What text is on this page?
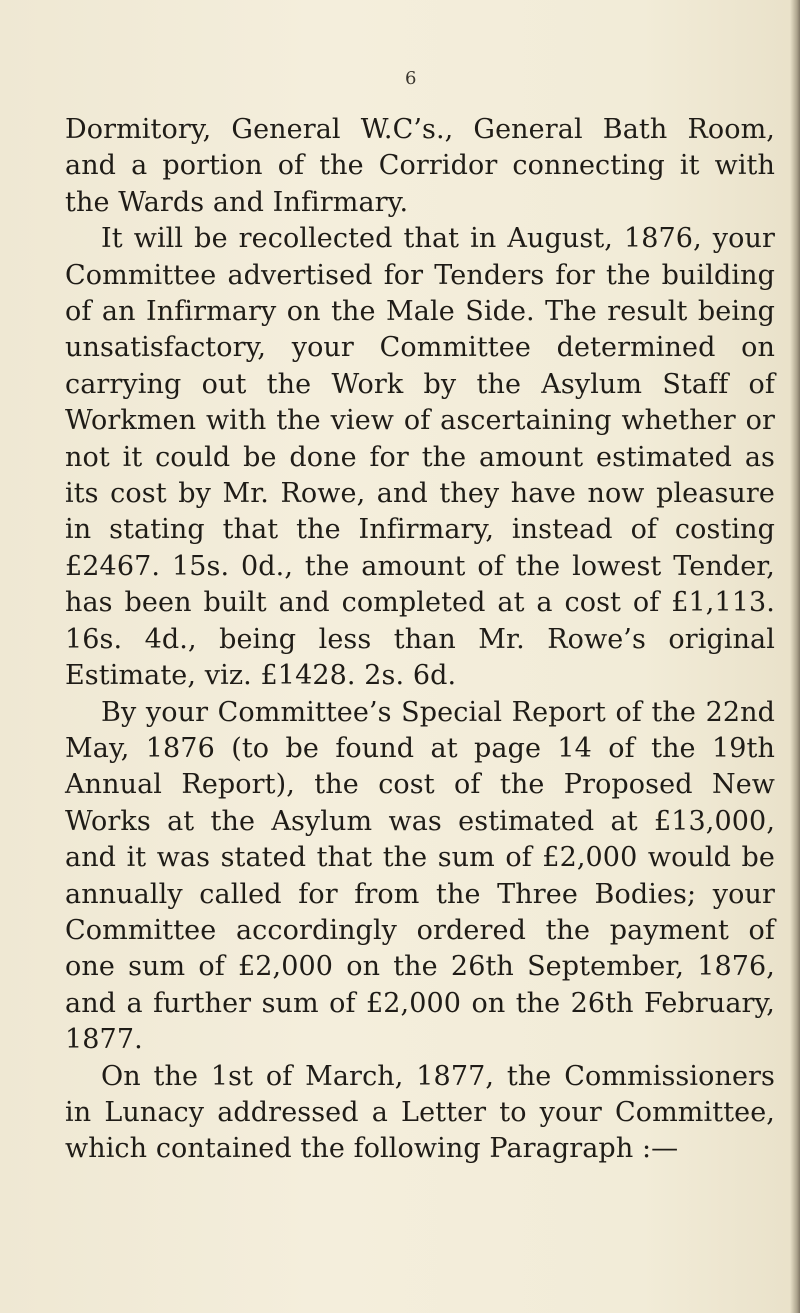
6

Dormitory, General W.C’s., General Bath Room, and a portion of the Corridor connecting it with the Wards and Infirmary.

It will be recollected that in August, 1876, your Committee advertised for Tenders for the building of an Infirmary on the Male Side. The result being unsatisfactory, your Committee determined on carrying out the Work by the Asylum Staff of Workmen with the view of ascertaining whether or not it could be done for the amount estimated as its cost by Mr. Rowe, and they have now pleasure in stating that the Infirmary, instead of costing £2467. 15s. 0d., the amount of the lowest Tender, has been built and completed at a cost of £1,113. 16s. 4d., being less than Mr. Rowe’s original Estimate, viz. £1428. 2s. 6d.

By your Committee’s Special Report of the 22nd May, 1876 (to be found at page 14 of the 19th Annual Report), the cost of the Proposed New Works at the Asylum was estimated at £13,000, and it was stated that the sum of £2,000 would be annually called for from the Three Bodies; your Committee accordingly ordered the payment of one sum of £2,000 on the 26th September, 1876, and a further sum of £2,000 on the 26th February, 1877.

On the 1st of March, 1877, the Commissioners in Lunacy addressed a Letter to your Committee, which contained the following Paragraph :—
